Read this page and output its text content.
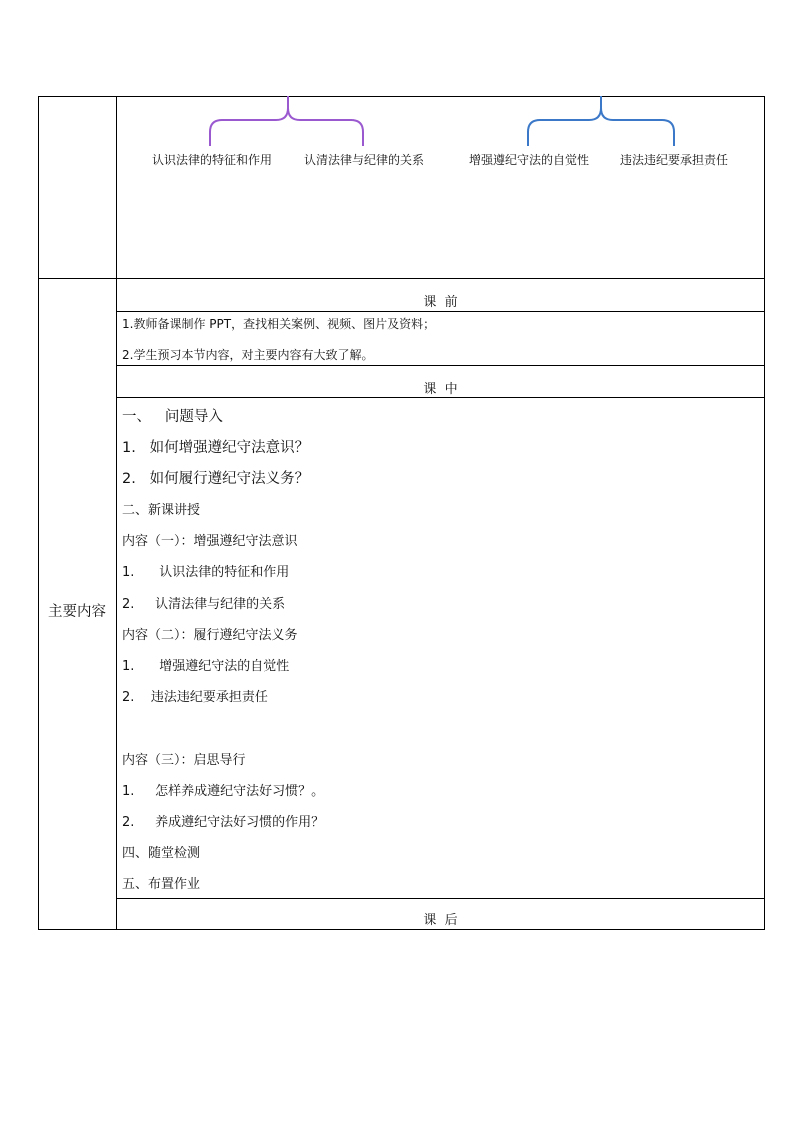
认识法律的特征和作用	认清法律与纪律的关系	增强遵纪守法的自觉性	违法违纪要承担责任
主要内容
课  前
1.教师备课制作 PPT，查找相关案例、视频、图片及资料；
2.学生预习本节内容，对主要内容有大致了解。
课  中
一、   问题导入
1.   如何增强遵纪守法意识？
2.   如何履行遵纪守法义务？
二、新课讲授
内容（一）：增强遵纪守法意识
1.      认识法律的特征和作用
2.     认清法律与纪律的关系
内容（二）：履行遵纪守法义务
1.      增强遵纪守法的自觉性
2.    违法违纪要承担责任
内容（三）：启思导行
1.     怎样养成遵纪守法好习惯？。
2.     养成遵纪守法好习惯的作用？
四、随堂检测
五、布置作业
课  后
